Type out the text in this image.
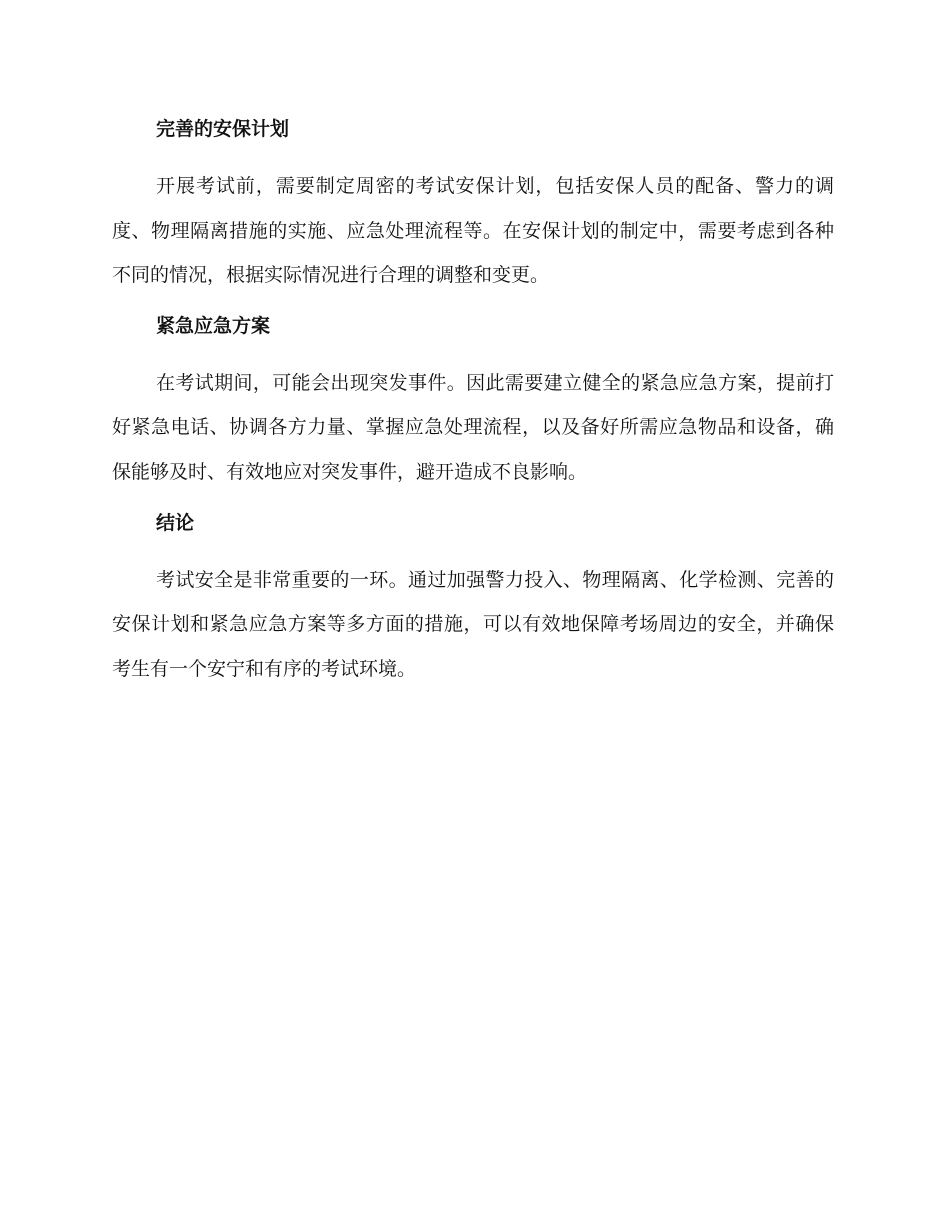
完善的安保计划
开展考试前，需要制定周密的考试安保计划，包括安保人员的配备、警力的调度、物理隔离措施的实施、应急处理流程等。在安保计划的制定中，需要考虑到各种不同的情况，根据实际情况进行合理的调整和变更。
紧急应急方案
在考试期间，可能会出现突发事件。因此需要建立健全的紧急应急方案，提前打好紧急电话、协调各方力量、掌握应急处理流程，以及备好所需应急物品和设备，确保能够及时、有效地应对突发事件，避开造成不良影响。
结论
考试安全是非常重要的一环。通过加强警力投入、物理隔离、化学检测、完善的安保计划和紧急应急方案等多方面的措施，可以有效地保障考场周边的安全，并确保考生有一个安宁和有序的考试环境。
